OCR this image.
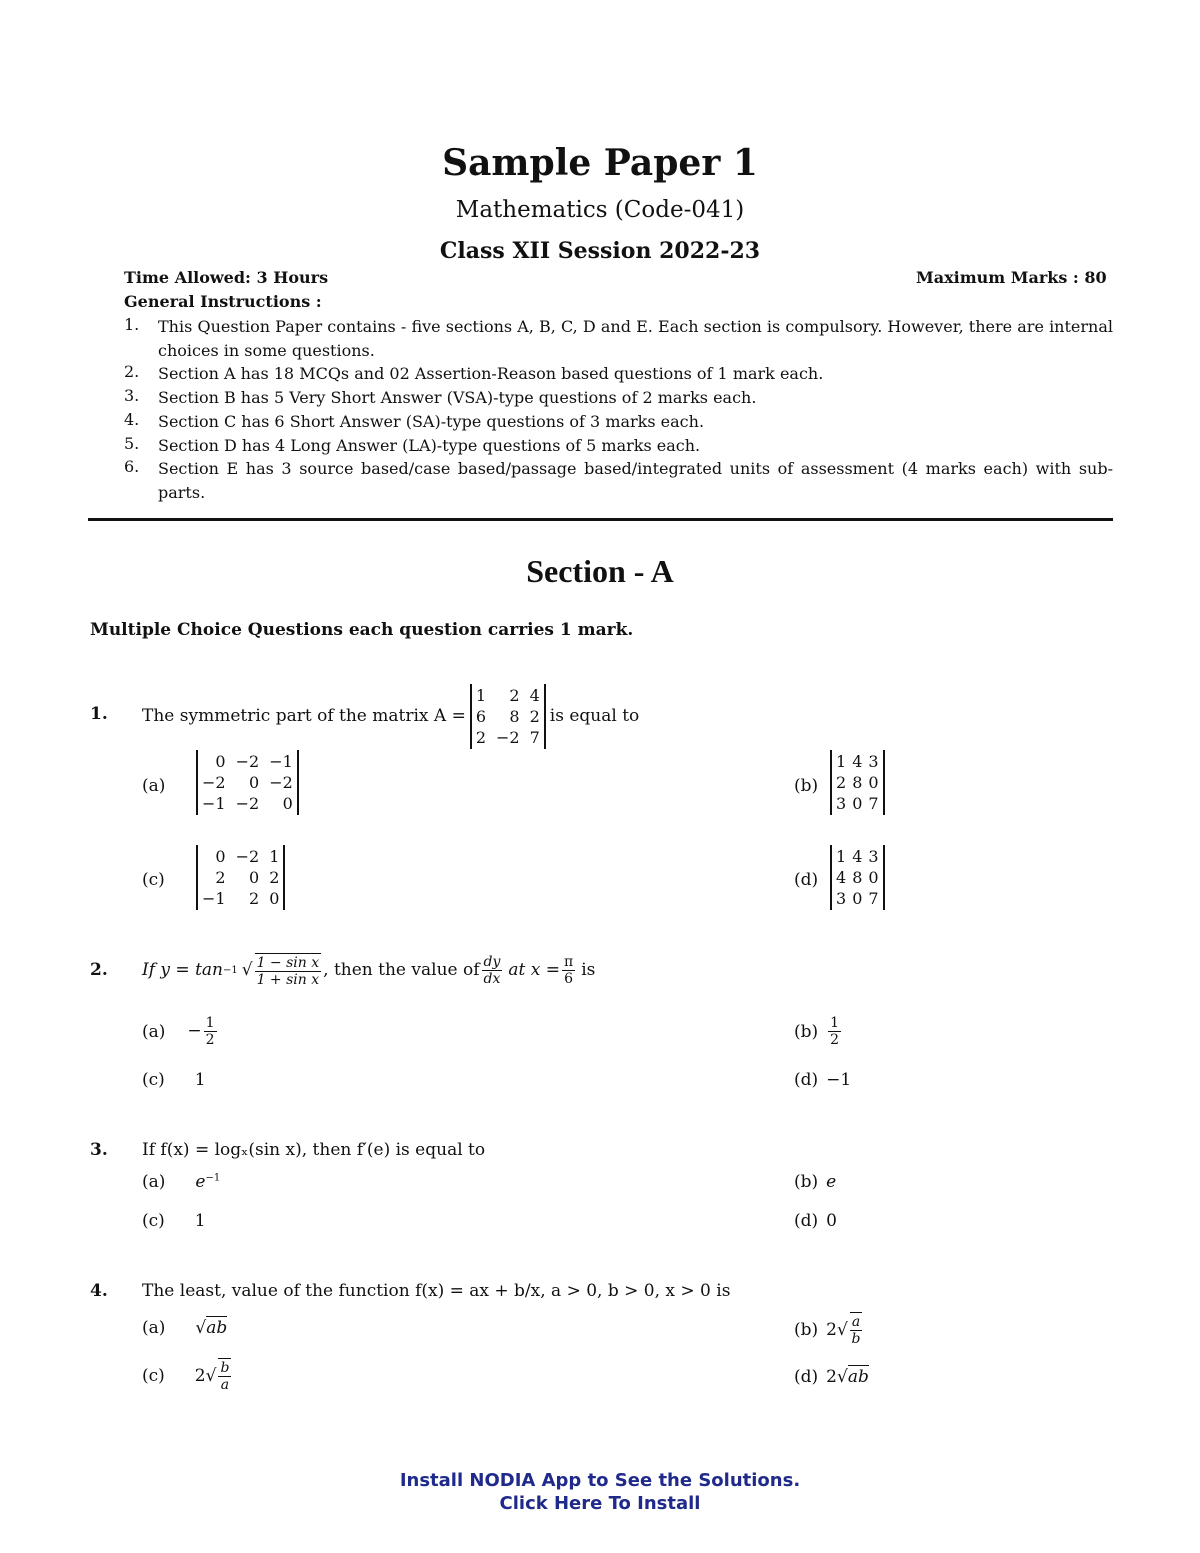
Sample Paper 1
Mathematics (Code-041)
Class XII Session 2022-23
Time Allowed: 3 Hours	Maximum Marks : 80
General Instructions :
1. This Question Paper contains - five sections A, B, C, D and E. Each section is compulsory. However, there are internal choices in some questions.
2. Section A has 18 MCQs and 02 Assertion-Reason based questions of 1 mark each.
3. Section B has 5 Very Short Answer (VSA)-type questions of 2 marks each.
4. Section C has 6 Short Answer (SA)-type questions of 3 marks each.
5. Section D has 4 Long Answer (LA)-type questions of 5 marks each.
6. Section E has 3 source based/case based/passage based/integrated units of assessment (4 marks each) with sub-parts.
Section - A
Multiple Choice Questions each question carries 1 mark.
1. The symmetric part of the matrix A =
1	2 4
6	8 2
2 −2 7
is equal to
(a)
0 −2 −1
−2	0 −2
−1 −2	0
(b)
1 4 3
2 8 0
3 0 7
(c)
0 −2 1
2	0 2
−1	2 0
(d)
1 4 3
4 8 0
3 0 7
2. If y = tan −1 √ $\frac{\text{1 − sin x}}{\text{1 + sin x}}$ , then the value of $\frac{dy}{dx}$ at $x = \frac{\pi}{6}$ is
$(a) - \frac{1}{2}$	$(b) \frac{1}{2}$
(c) 1	(d) −1
3. If f(x) = logₓ(sin x), then f′(e) is equal to
(a) $e^{-1}$	(b) e
(c) 1	(d) 0
4. The least, value of the function f(x) = ax + b/x, a > 0, b > 0, x > 0 is
(a) √ab	(b) 2 √ $\frac{a}{b}$
(c) 2 √ $\frac{b}{a}$	(d) 2√ab
Install NODIA App to See the Solutions.
Click Here To Install
